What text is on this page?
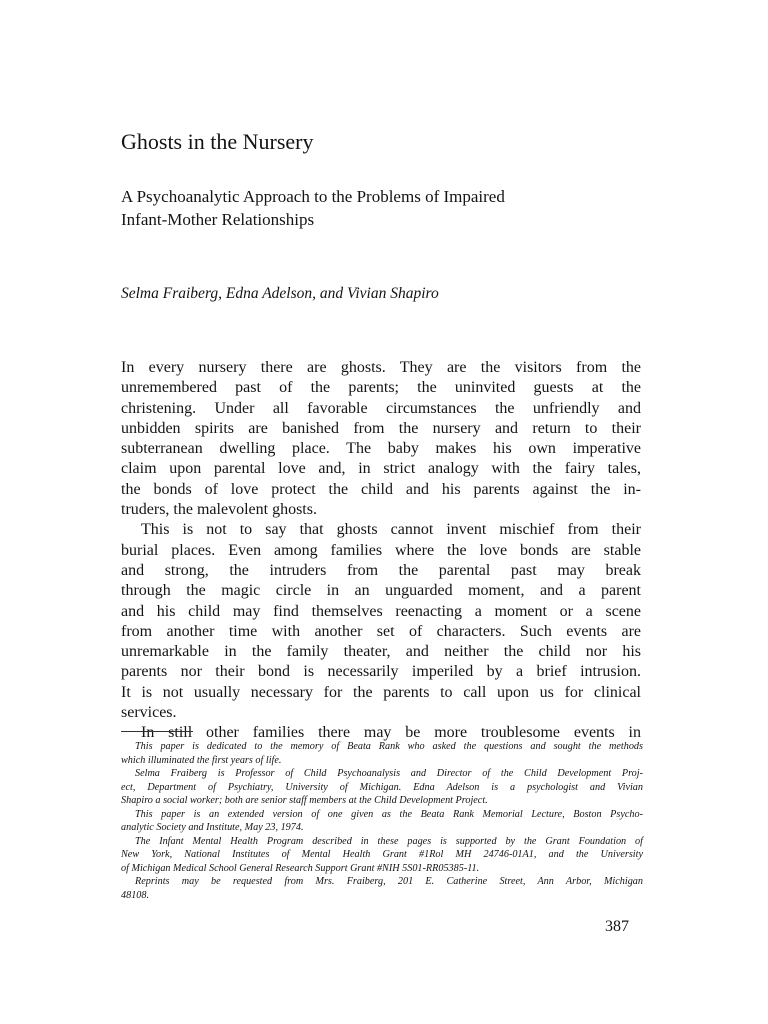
Ghosts in the Nursery
A Psychoanalytic Approach to the Problems of Impaired
Infant-Mother Relationships
Selma Fraiberg, Edna Adelson, and Vivian Shapiro
In every nursery there are ghosts. They are the visitors from the
unremembered past of the parents; the uninvited guests at the
christening. Under all favorable circumstances the unfriendly and
unbidden spirits are banished from the nursery and return to their
subterranean dwelling place. The baby makes his own imperative
claim upon parental love and, in strict analogy with the fairy tales,
the bonds of love protect the child and his parents against the in-
truders, the malevolent ghosts.
This is not to say that ghosts cannot invent mischief from their
burial places. Even among families where the love bonds are stable
and strong, the intruders from the parental past may break
through the magic circle in an unguarded moment, and a parent
and his child may find themselves reenacting a moment or a scene
from another time with another set of characters. Such events are
unremarkable in the family theater, and neither the child nor his
parents nor their bond is necessarily imperiled by a brief intrusion.
It is not usually necessary for the parents to call upon us for clinical
services.
In still other families there may be more troublesome events in
This paper is dedicated to the memory of Beata Rank who asked the questions and sought the methods
which illuminated the first years of life.
Selma Fraiberg is Professor of Child Psychoanalysis and Director of the Child Development Proj-
ect, Department of Psychiatry, University of Michigan. Edna Adelson is a psychologist and Vivian
Shapiro a social worker; both are senior staff members at the Child Development Project.
This paper is an extended version of one given as the Beata Rank Memorial Lecture, Boston Psycho-
analytic Society and Institute, May 23, 1974.
The Infant Mental Health Program described in these pages is supported by the Grant Foundation of
New York, National Institutes of Mental Health Grant #1Rol MH 24746-01A1, and the University
of Michigan Medical School General Research Support Grant #NIH 5S01-RR05385-11.
Reprints may be requested from Mrs. Fraiberg, 201 E. Catherine Street, Ann Arbor, Michigan
48108.
387
